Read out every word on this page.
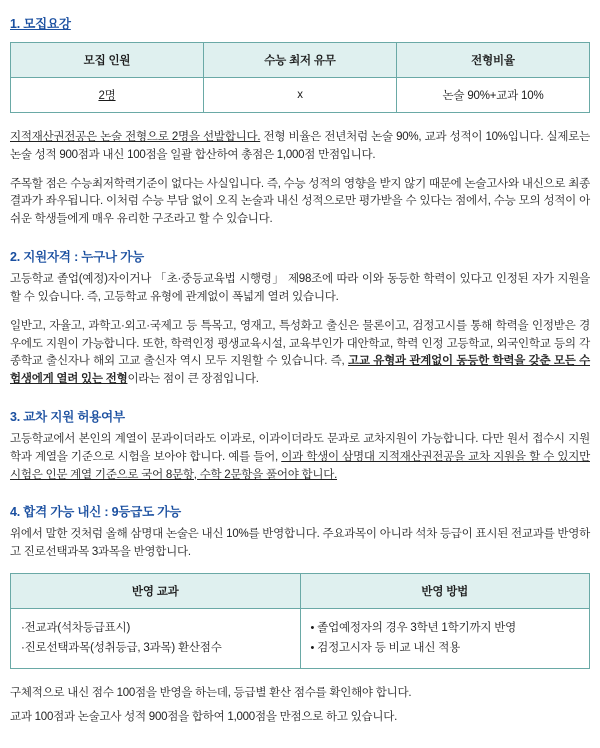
1. 모집요강
모집 인원	수능 최저 유무	전형비율
2명	x	논술 90%+교과 10%

지적재산권전공은 논술 전형으로 2명을 선발합니다. 전형 비율은 전년처럼 논술 90%, 교과 성적이 10%입니다. 실제로는 논술 성적 900점과 내신 100점을 일괄 합산하여 총점은 1,000점 만점입니다.

주목할 점은 수능최저학력기준이 없다는 사실입니다. 즉, 수능 성적의 영향을 받지 않기 때문에 논술고사와 내신으로 최종 결과가 좌우됩니다. 이처럼 수능 부담 없이 오직 논술과 내신 성적으로만 평가받을 수 있다는 점에서, 수능 모의 성적이 아쉬운 학생들에게 매우 유리한 구조라고 할 수 있습니다.

2. 지원자격 : 누구나 가능

고등학교 졸업(예정)자이거나 「초·중등교육법 시행령」 제98조에 따라 이와 동등한 학력이 있다고 인정된 자가 지원을 할 수 있습니다. 즉, 고등학교 유형에 관계없이 폭넓게 열려 있습니다.

일반고, 자율고, 과학고·외고·국제고 등 특목고, 영재고, 특성화고 출신은 물론이고, 검정고시를 통해 학력을 인정받은 경우에도 지원이 가능합니다. 또한, 학력인정 평생교육시설, 교육부인가 대안학교, 학력 인정 고등학교, 외국인학교 등의 각종학교 출신자나 해외 고교 출신자 역시 모두 지원할 수 있습니다. 즉, 고교 유형과 관계없이 동등한 학력을 갖춘 모든 수험생에게 열려 있는 전형이라는 점이 큰 장점입니다.

3. 교차 지원 허용여부

고등학교에서 본인의 계열이 문과이더라도 이과로, 이과이더라도 문과로 교차지원이 가능합니다. 다만 원서 접수시 지원 학과 계열을 기준으로 시험을 보아야 합니다. 예를 들어, 이과 학생이 삼명대 지적재산권전공을 교차 지원을 할 수 있지만 시험은 인문 계열 기준으로 국어 8문항, 수학 2문항을 풀어야 합니다.

4. 합격 가능 내신 : 9등급도 가능

위에서 말한 것처럼 올해 삼명대 논술은 내신 10%를 반영합니다. 주요과목이 아니라 석차 등급이 표시된 전교과를 반영하고 진로선택과목 3과목을 반영합니다.

반영 교과	반영 방법

·전교과(석차등급표시)
·진로선택과목(성취등급, 3과목) 환산점수	• 졸업예정자의 경우 3학년 1학기까지 반영
• 검정고시자 등 비교 내신 적용

구체적으로 내신 점수 100점을 반영을 하는데, 등급별 환산 점수를 확인해야 합니다.

교과 100점과 논술고사 성적 900점을 합하여 1,000점을 만점으로 하고 있습니다.
